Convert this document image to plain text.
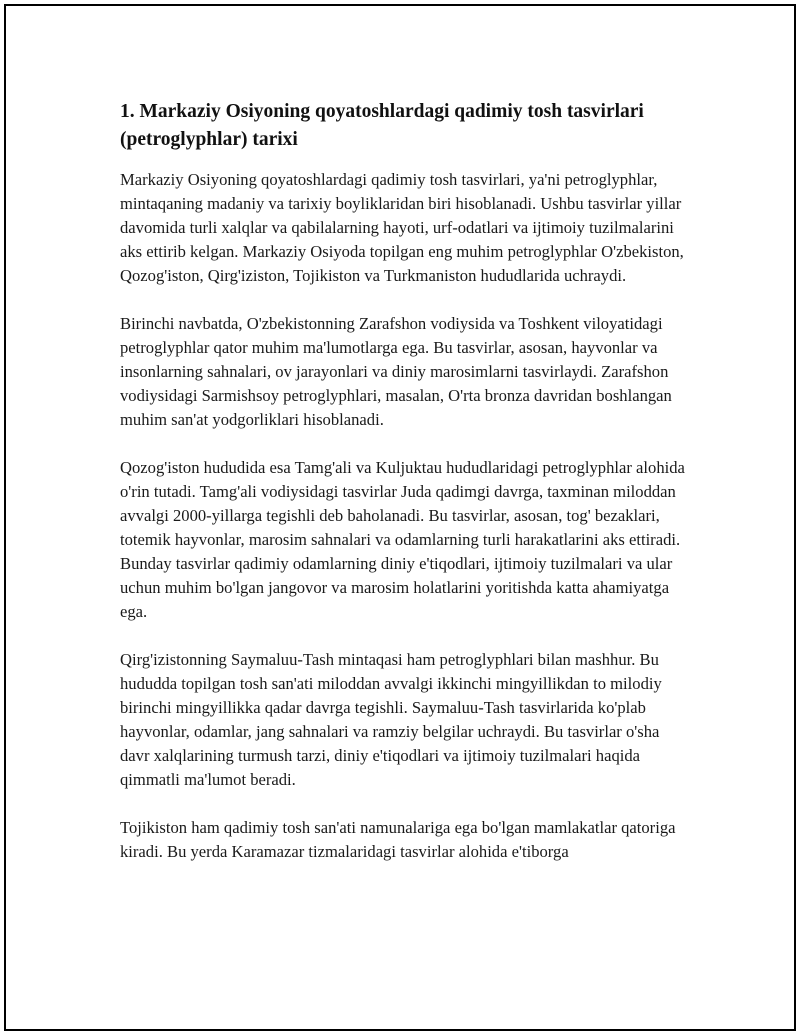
1. Markaziy Osiyoning qoyatoshlardagi qadimiy tosh tasvirlari (petroglyphlar) tarixi

Markaziy Osiyoning qoyatoshlardagi qadimiy tosh tasvirlari, ya'ni petroglyphlar, mintaqaning madaniy va tarixiy boyliklaridan biri hisoblanadi. Ushbu tasvirlar yillar davomida turli xalqlar va qabilalarning hayoti, urf-odatlari va ijtimoiy tuzilmalarini aks ettirib kelgan. Markaziy Osiyoda topilgan eng muhim petroglyphlar O'zbekiston, Qozog'iston, Qirg'iziston, Tojikiston va Turkmaniston hududlarida uchraydi.

Birinchi navbatda, O'zbekistonning Zarafshon vodiysida va Toshkent viloyatidagi petroglyphlar qator muhim ma'lumotlarga ega. Bu tasvirlar, asosan, hayvonlar va insonlarning sahnalari, ov jarayonlari va diniy marosimlarni tasvirlaydi. Zarafshon vodiysidagi Sarmishsoy petroglyphlari, masalan, O'rta bronza davridan boshlangan muhim san'at yodgorliklari hisoblanadi.

Qozog'iston hududida esa Tamg'ali va Kuljuktau hududlaridagi petroglyphlar alohida o'rin tutadi. Tamg'ali vodiysidagi tasvirlar Juda qadimgi davrga, taxminan miloddan avvalgi 2000-yillarga tegishli deb baholanadi. Bu tasvirlar, asosan, tog' bezaklari, totemik hayvonlar, marosim sahnalari va odamlarning turli harakatlarini aks ettiradi. Bunday tasvirlar qadimiy odamlarning diniy e'tiqodlari, ijtimoiy tuzilmalari va ular uchun muhim bo'lgan jangovor va marosim holatlarini yoritishda katta ahamiyatga ega.

Qirg'izistonning Saymaluu-Tash mintaqasi ham petroglyphlari bilan mashhur. Bu hududda topilgan tosh san'ati miloddan avvalgi ikkinchi mingyillikdan to milodiy birinchi mingyillikka qadar davrga tegishli. Saymaluu-Tash tasvirlarida ko'plab hayvonlar, odamlar, jang sahnalari va ramziy belgilar uchraydi. Bu tasvirlar o'sha davr xalqlarining turmush tarzi, diniy e'tiqodlari va ijtimoiy tuzilmalari haqida qimmatli ma'lumot beradi.

Tojikiston ham qadimiy tosh san'ati namunalariga ega bo'lgan mamlakatlar qatoriga kiradi. Bu yerda Karamazar tizmalaridagi tasvirlar alohida e'tiborga
